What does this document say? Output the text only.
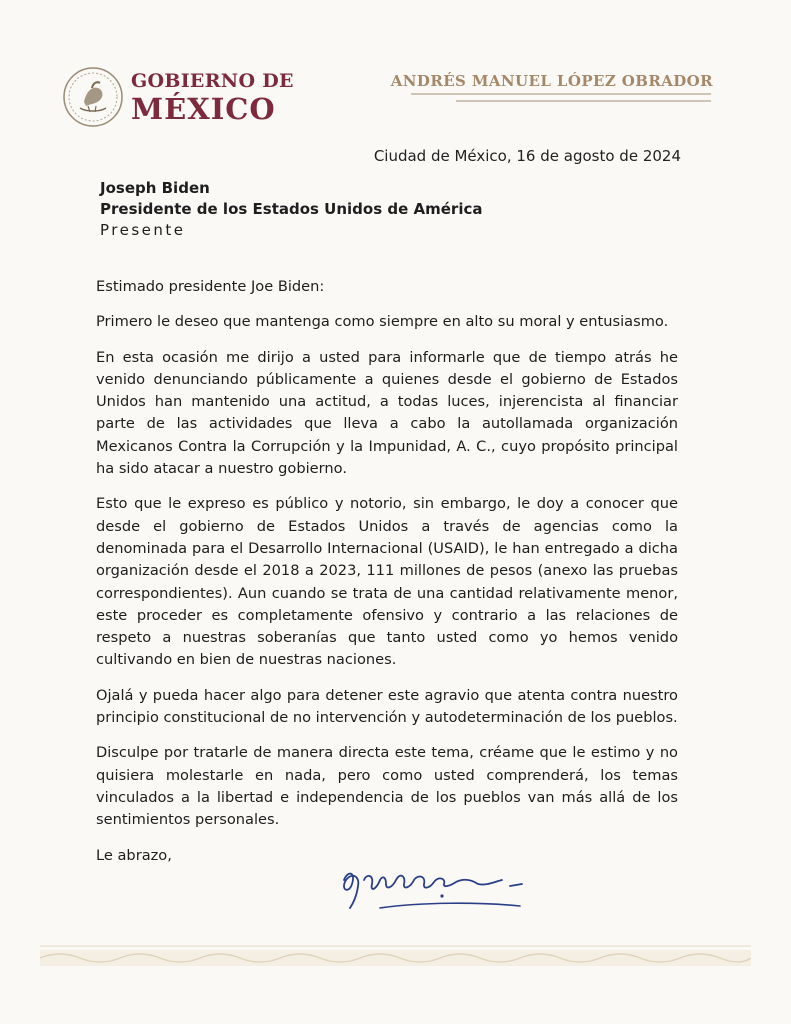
GOBIERNO DE
MÉXICO
ANDRÉS MANUEL LÓPEZ OBRADOR
Ciudad de México, 16 de agosto de 2024
Joseph Biden
Presidente de los Estados Unidos de América
Presente

Estimado presidente Joe Biden:

Primero le deseo que mantenga como siempre en alto su moral y entusiasmo.

En esta ocasión me dirijo a usted para informarle que de tiempo atrás he venido denunciando públicamente a quienes desde el gobierno de Estados Unidos han mantenido una actitud, a todas luces, injerencista al financiar parte de las actividades que lleva a cabo la autollamada organización Mexicanos Contra la Corrupción y la Impunidad, A. C., cuyo propósito principal ha sido atacar a nuestro gobierno.

Esto que le expreso es público y notorio, sin embargo, le doy a conocer que desde el gobierno de Estados Unidos a través de agencias como la denominada para el Desarrollo Internacional (USAID), le han entregado a dicha organización desde el 2018 a 2023, 111 millones de pesos (anexo las pruebas correspondientes). Aun cuando se trata de una cantidad relativamente menor, este proceder es completamente ofensivo y contrario a las relaciones de respeto a nuestras soberanías que tanto usted como yo hemos venido cultivando en bien de nuestras naciones.

Ojalá y pueda hacer algo para detener este agravio que atenta contra nuestro principio constitucional de no intervención y autodeterminación de los pueblos.

Disculpe por tratarle de manera directa este tema, créame que le estimo y no quisiera molestarle en nada, pero como usted comprenderá, los temas vinculados a la libertad e independencia de los pueblos van más allá de los sentimientos personales.

Le abrazo,
